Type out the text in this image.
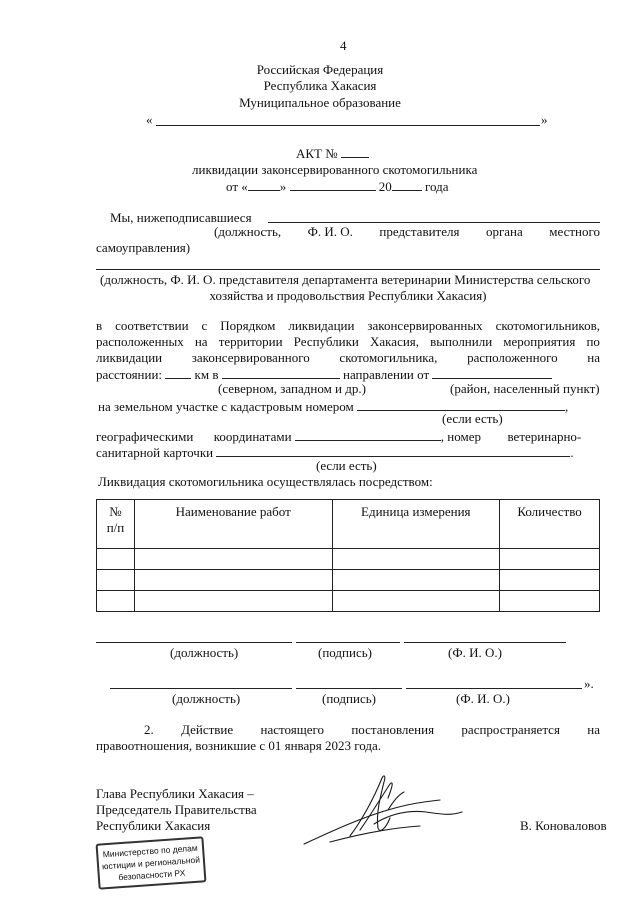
4
Российская Федерация
Республика Хакасия
Муниципальное образование
«	»
АКТ №
ликвидации законсервированного скотомогильника
от « »	20	года
Мы, нижеподписавшиеся
(должность, Ф. И. О. представителя органа местного
самоуправления)
(должность, Ф. И. О. представителя департамента ветеринарии Министерства сельского
хозяйства и продовольствия Республики Хакасия)
в соответствии с Порядком ликвидации законсервированных скотомогильников,
расположенных на территории Республики Хакасия, выполнили мероприятия по
ликвидации законсервированного скотомогильника, расположенного на
расстоянии:	км в	направлении от
(северном, западном и др.)	(район, населенный пункт)
на земельном участке с кадастровым номером	,
(если есть)
географическими координатами	, номер ветеринарно-
санитарной карточки	.
(если есть)
Ликвидация скотомогильника осуществлялась посредством:
№ п/п	Наименование работ	Единица измерения	Количество

(должность)	(подпись)	(Ф. И. О.)
».
(должность)	(подпись)	(Ф. И. О.)
2. Действие настоящего постановления распространяется на
правоотношения, возникшие с 01 января 2023 года.
Глава Республики Хакасия –
Председатель Правительства
Республики Хакасия	В. Коноваловов
Министерство по делам
юстиции и региональной
безопасности РХ
